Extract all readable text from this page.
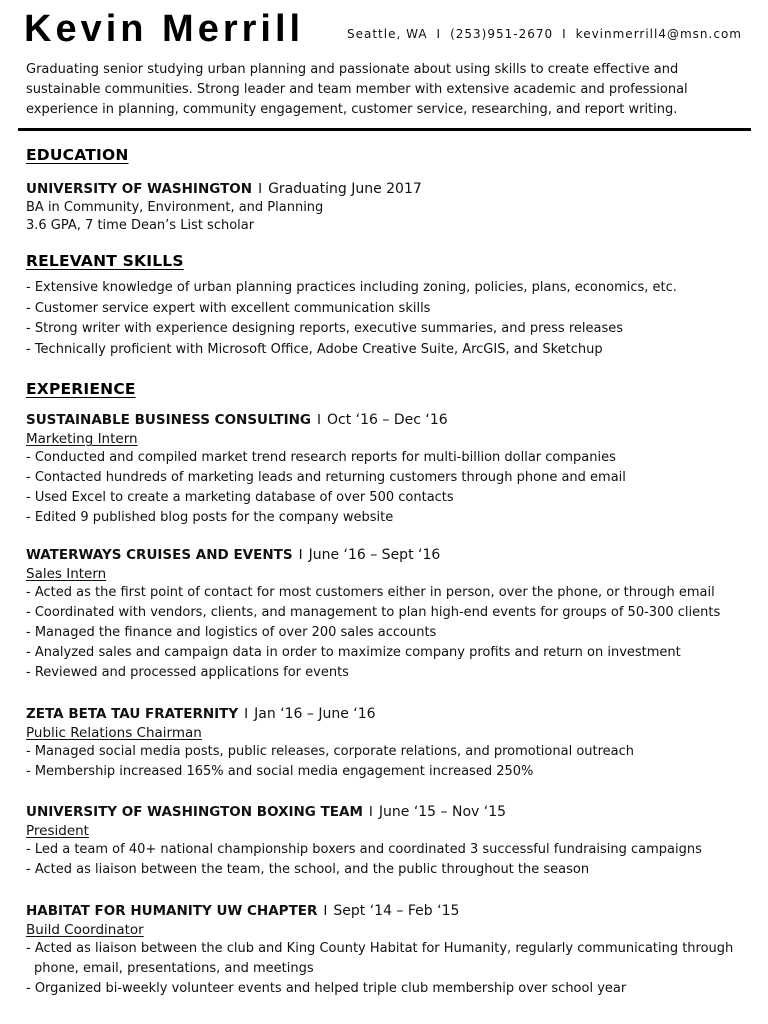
Kevin Merrill	Seattle, WA I (253)951-2670 I kevinmerrill4@msn.com
Graduating senior studying urban planning and passionate about using skills to create effective and sustainable communities. Strong leader and team member with extensive academic and professional experience in planning, community engagement, customer service, researching, and report writing.
EDUCATION
UNIVERSITY OF WASHINGTON I Graduating June 2017
BA in Community, Environment, and Planning
3.6 GPA, 7 time Dean’s List scholar
RELEVANT SKILLS
- Extensive knowledge of urban planning practices including zoning, policies, plans, economics, etc.
- Customer service expert with excellent communication skills
- Strong writer with experience designing reports, executive summaries, and press releases
- Technically proficient with Microsoft Office, Adobe Creative Suite, ArcGIS, and Sketchup
EXPERIENCE
SUSTAINABLE BUSINESS CONSULTING I Oct ‘16 – Dec ‘16
Marketing Intern
- Conducted and compiled market trend research reports for multi-billion dollar companies
- Contacted hundreds of marketing leads and returning customers through phone and email
- Used Excel to create a marketing database of over 500 contacts
- Edited 9 published blog posts for the company website
WATERWAYS CRUISES AND EVENTS I June ‘16 – Sept ‘16
Sales Intern
- Acted as the first point of contact for most customers either in person, over the phone, or through email
- Coordinated with vendors, clients, and management to plan high-end events for groups of 50-300 clients
- Managed the finance and logistics of over 200 sales accounts
- Analyzed sales and campaign data in order to maximize company profits and return on investment
- Reviewed and processed applications for events
ZETA BETA TAU FRATERNITY I Jan ‘16 – June ‘16
Public Relations Chairman
- Managed social media posts, public releases, corporate relations, and promotional outreach
- Membership increased 165% and social media engagement increased 250%
UNIVERSITY OF WASHINGTON BOXING TEAM I June ‘15 – Nov ‘15
President
- Led a team of 40+ national championship boxers and coordinated 3 successful fundraising campaigns
- Acted as liaison between the team, the school, and the public throughout the season
HABITAT FOR HUMANITY UW CHAPTER I Sept ‘14 – Feb ‘15
Build Coordinator
- Acted as liaison between the club and King County Habitat for Humanity, regularly communicating through phone, email, presentations, and meetings
- Organized bi-weekly volunteer events and helped triple club membership over school year
